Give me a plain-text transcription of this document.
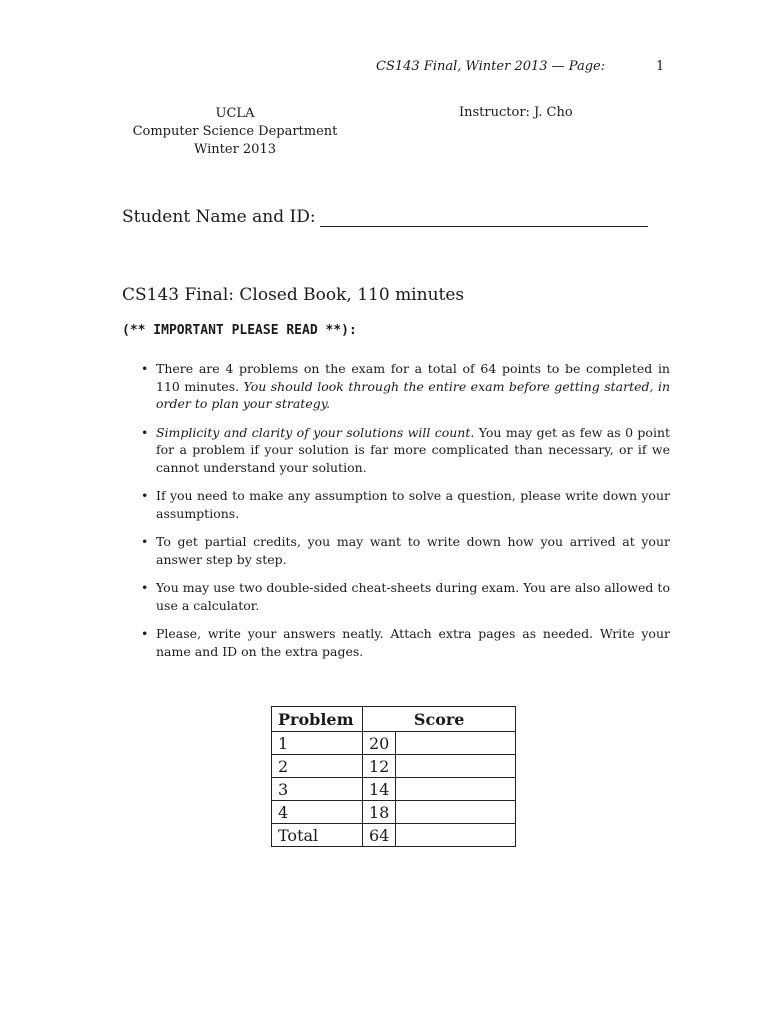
CS143 Final, Winter 2013 — Page:	1
UCLA
Computer Science Department
Winter 2013
Instructor: J. Cho
Student Name and ID:
CS143 Final: Closed Book, 110 minutes
(** IMPORTANT PLEASE READ **):
• There are 4 problems on the exam for a total of 64 points to be completed in 110 minutes. You should look through the entire exam before getting started, in order to plan your strategy.
• Simplicity and clarity of your solutions will count. You may get as few as 0 point for a problem if your solution is far more complicated than necessary, or if we cannot understand your solution.
• If you need to make any assumption to solve a question, please write down your assumptions.
• To get partial credits, you may want to write down how you arrived at your answer step by step.
• You may use two double-sided cheat-sheets during exam. You are also allowed to use a calculator.
• Please, write your answers neatly. Attach extra pages as needed. Write your name and ID on the extra pages.
Problem	Score	
1	20	
2	12	
3	14	
4	18	
Total	64	
